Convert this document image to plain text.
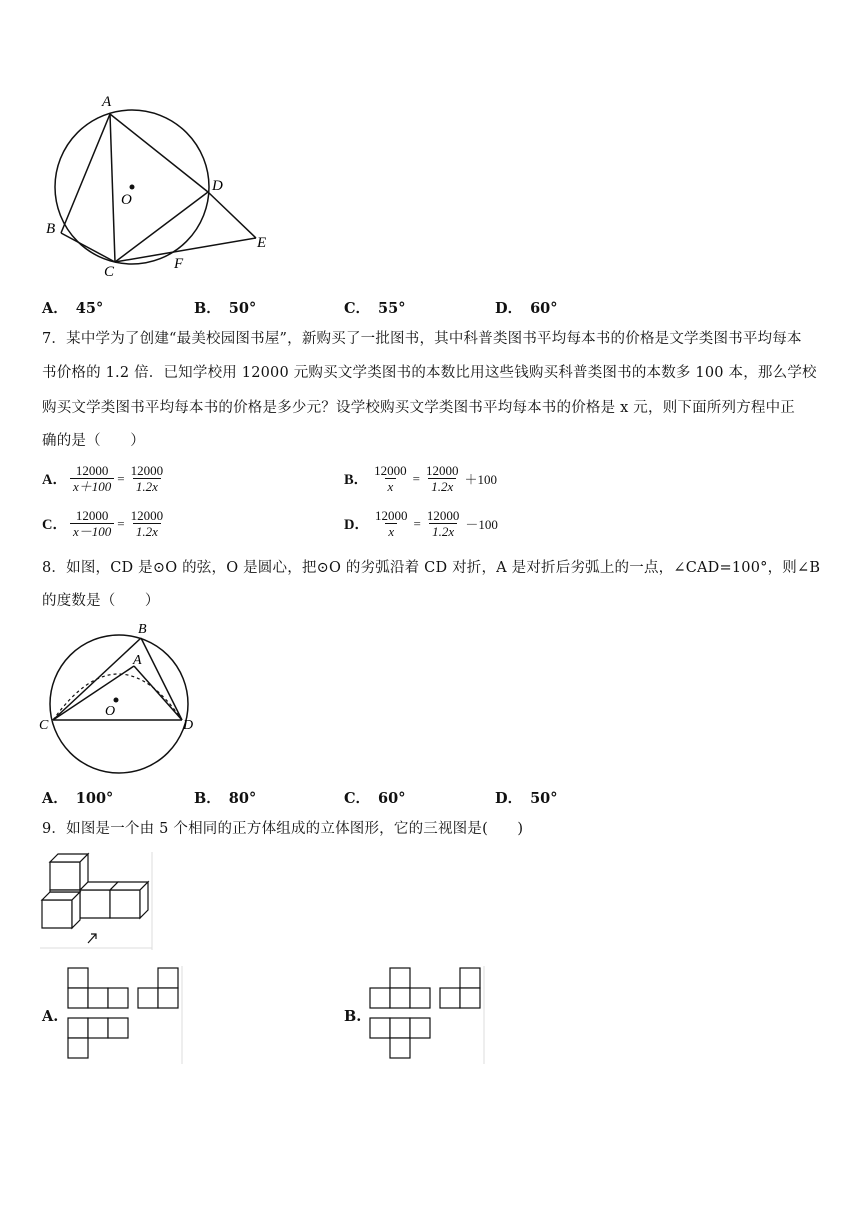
A
B
C
D
E
F
O
A． 45°	B． 50°	C． 55°	D． 60°
7．某中学为了创建“最美校园图书屋”，新购买了一批图书，其中科普类图书平均每本书的价格是文学类图书平均每本
书价格的 1.2 倍．已知学校用 12000 元购买文学类图书的本数比用这些钱购买科普类图书的本数多 100 本，那么学校
购买文学类图书平均每本书的价格是多少元？设学校购买文学类图书平均每本书的价格是 x 元，则下面所列方程中正
确的是（　　）
A． $\frac{12000}{x+100} = \frac{12000}{1.2x}$	B． $\frac{12000}{x} = \frac{12000}{1.2x} +100$
C． $\frac{12000}{x-100} = \frac{12000}{1.2x}$	D． $\frac{12000}{x} = \frac{12000}{1.2x} -100$
8．如图，CD 是⊙O 的弦，O 是圆心，把⊙O 的劣弧沿着 CD 对折，A 是对折后劣弧上的一点，∠CAD=100°，则∠B
的度数是（　　）
B
A
C	D
O
A． 100°	B． 80°	C． 60°	D． 50°
9．如图是一个由 5 个相同的正方体组成的立体图形，它的三视图是(　　)
A.	B.
